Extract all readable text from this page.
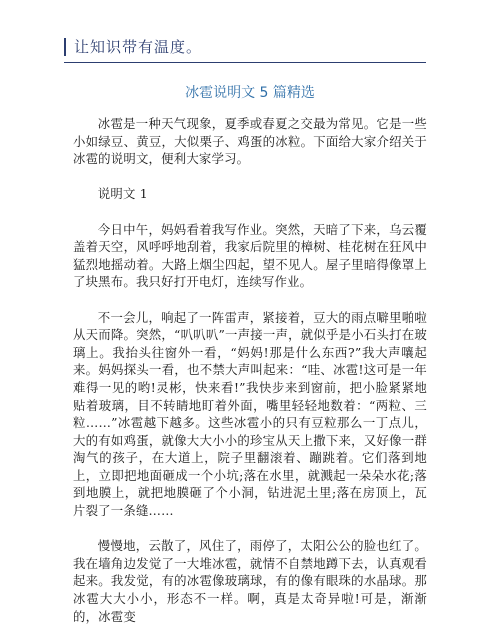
让知识带有温度。
冰雹说明文 5 篇精选

冰雹是一种天气现象，夏季或春夏之交最为常见。它是一些小如绿豆、黄豆，大似栗子、鸡蛋的冰粒。下面给大家介绍关于冰雹的说明文，便利大家学习。

说明文 1

今日中午，妈妈看着我写作业。突然，天暗了下来，乌云覆盖着天空，风呼呼地刮着，我家后院里的樟树、桂花树在狂风中猛烈地摇动着。大路上烟尘四起，望不见人。屋子里暗得像罩上了块黑布。我只好打开电灯，连续写作业。

不一会儿，响起了一阵雷声，紧接着，豆大的雨点噼里啪啦从天而降。突然，“叭叭叭”一声接一声，就似乎是小石头打在玻璃上。我抬头往窗外一看，“妈妈!那是什么东西?”我大声嚷起来。妈妈探头一看，也不禁大声叫起来：“哇、冰雹!这可是一年难得一见的哟!灵彬，快来看!”我快步来到窗前，把小脸紧紧地贴着玻璃，目不转睛地盯着外面，嘴里轻轻地数着：“两粒、三粒……”冰雹越下越多。这些冰雹小的只有豆粒那么一丁点儿，大的有如鸡蛋，就像大大小小的珍宝从天上撒下来，又好像一群淘气的孩子，在大道上，院子里翻滚着、蹦跳着。它们落到地上，立即把地面砸成一个小坑;落在水里，就溅起一朵朵水花;落到地膜上，就把地膜砸了个小洞，钻进泥土里;落在房顶上，瓦片裂了一条缝……

慢慢地，云散了，风住了，雨停了，太阳公公的脸也红了。我在墙角边发觉了一大堆冰雹，就情不自禁地蹲下去，认真观看起来。我发觉，有的冰雹像玻璃球，有的像有眼珠的水晶球。那冰雹大大小小，形态不一样。啊，真是太奇异啦!可是，渐渐的，冰雹变
